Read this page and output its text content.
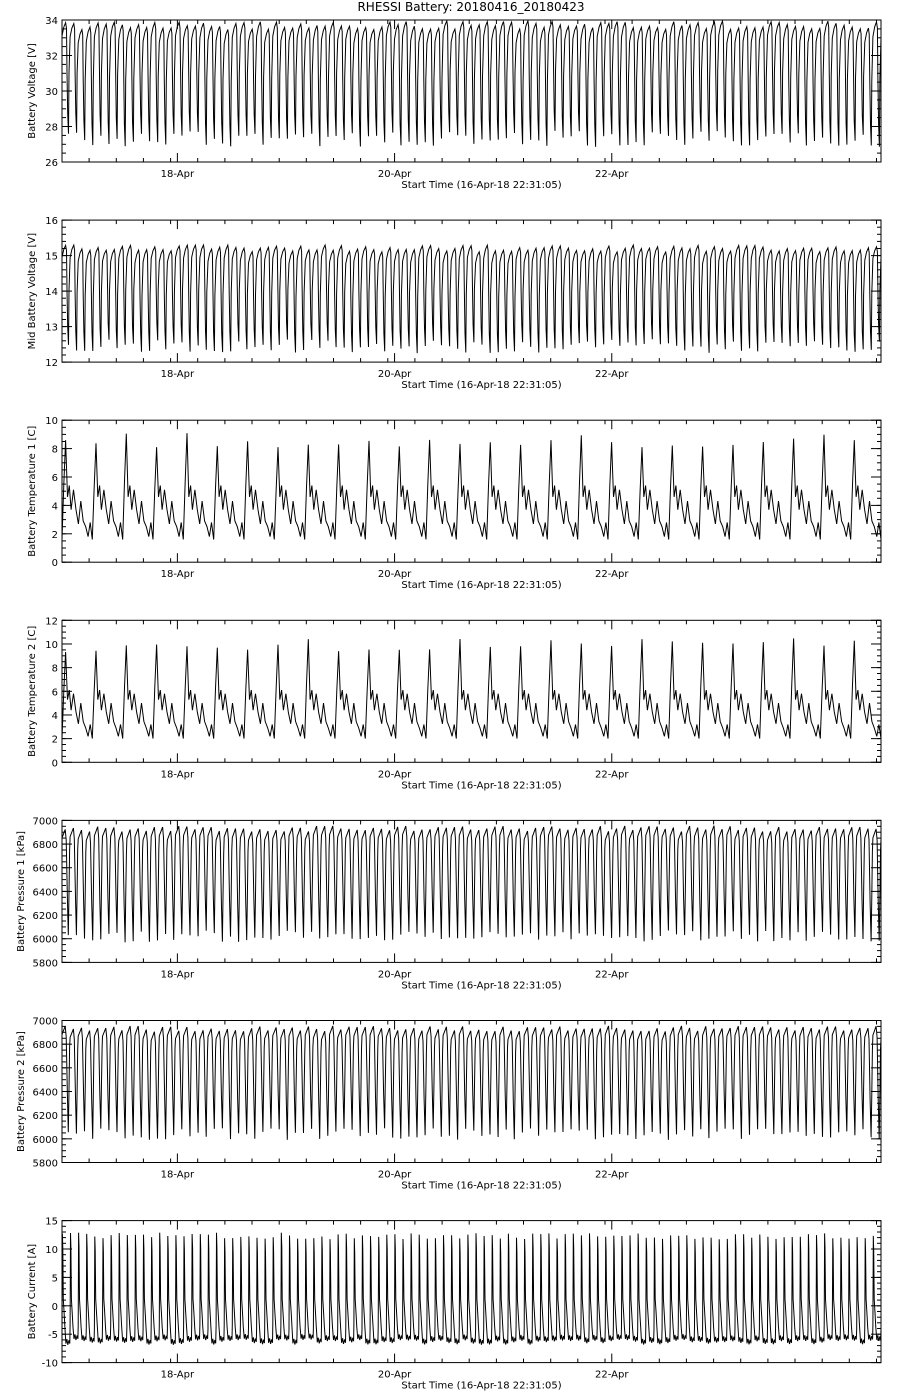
RHESSI Battery: 20180416_20180423
26
28
30
32
34
18-Apr	20-Apr	22-Apr
Start Time (16-Apr-18 22:31:05)
Battery Voltage [V]
12
13
14
15
16
18-Apr	20-Apr	22-Apr
Start Time (16-Apr-18 22:31:05)
Mid Battery Voltage [V]
0
2
4
6
8
10
18-Apr	20-Apr	22-Apr
Start Time (16-Apr-18 22:31:05)
Battery Temperature 1 [C]
0
2
4
6
8
10
12
18-Apr	20-Apr	22-Apr
Start Time (16-Apr-18 22:31:05)
Battery Temperature 2 [C]
5800
6000
6200
6400
6600
6800
7000
18-Apr	20-Apr	22-Apr
Start Time (16-Apr-18 22:31:05)
Battery Pressure 1 [kPa]
5800
6000
6200
6400
6600
6800
7000
18-Apr	20-Apr	22-Apr
Start Time (16-Apr-18 22:31:05)
Battery Pressure 2 [kPa]
-10
-5
0
5
10
15
18-Apr	20-Apr	22-Apr
Start Time (16-Apr-18 22:31:05)
Battery Current [A]
